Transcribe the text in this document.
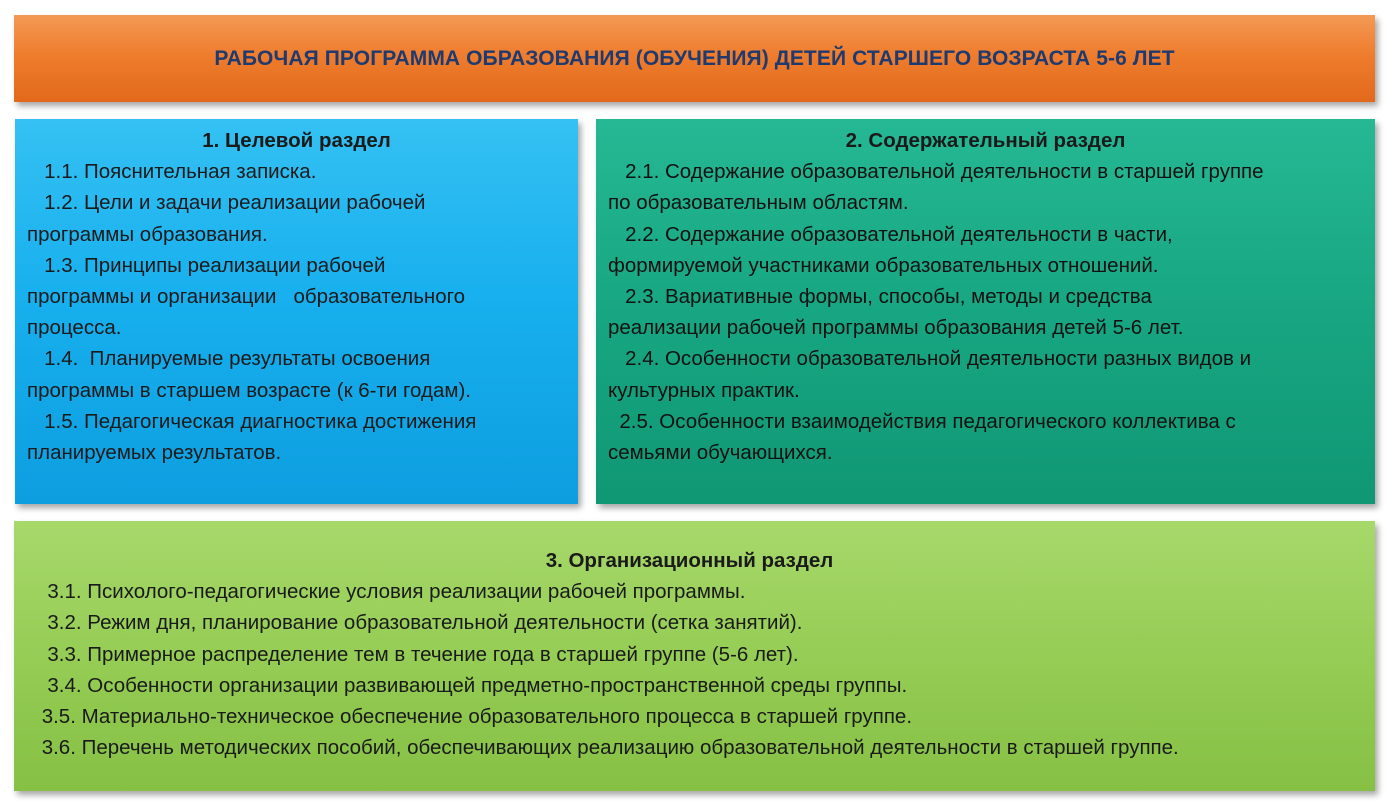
РАБОЧАЯ ПРОГРАММА ОБРАЗОВАНИЯ (ОБУЧЕНИЯ) ДЕТЕЙ СТАРШЕГО ВОЗРАСТА 5-6 ЛЕТ
1. Целевой раздел
1.1. Пояснительная записка.
1.2. Цели и задачи реализации рабочей
программы образования.
1.3. Принципы реализации рабочей
программы и организации   образовательного
процесса.
1.4.  Планируемые результаты освоения
программы в старшем возрасте (к 6-ти годам).
1.5. Педагогическая диагностика достижения
планируемых результатов.
2. Содержательный раздел
2.1. Содержание образовательной деятельности в старшей группе
по образовательным областям.
2.2. Содержание образовательной деятельности в части,
формируемой участниками образовательных отношений.
2.3. Вариативные формы, способы, методы и средства
реализации рабочей программы образования детей 5-6 лет.
2.4. Особенности образовательной деятельности разных видов и
культурных практик.
2.5. Особенности взаимодействия педагогического коллектива с
семьями обучающихся.
3. Организационный раздел
3.1. Психолого-педагогические условия реализации рабочей программы.
3.2. Режим дня, планирование образовательной деятельности (сетка занятий).
3.3. Примерное распределение тем в течение года в старшей группе (5-6 лет).
3.4. Особенности организации развивающей предметно-пространственной среды группы.
3.5. Материально-техническое обеспечение образовательного процесса в старшей группе.
3.6. Перечень методических пособий, обеспечивающих реализацию образовательной деятельности в старшей группе.
